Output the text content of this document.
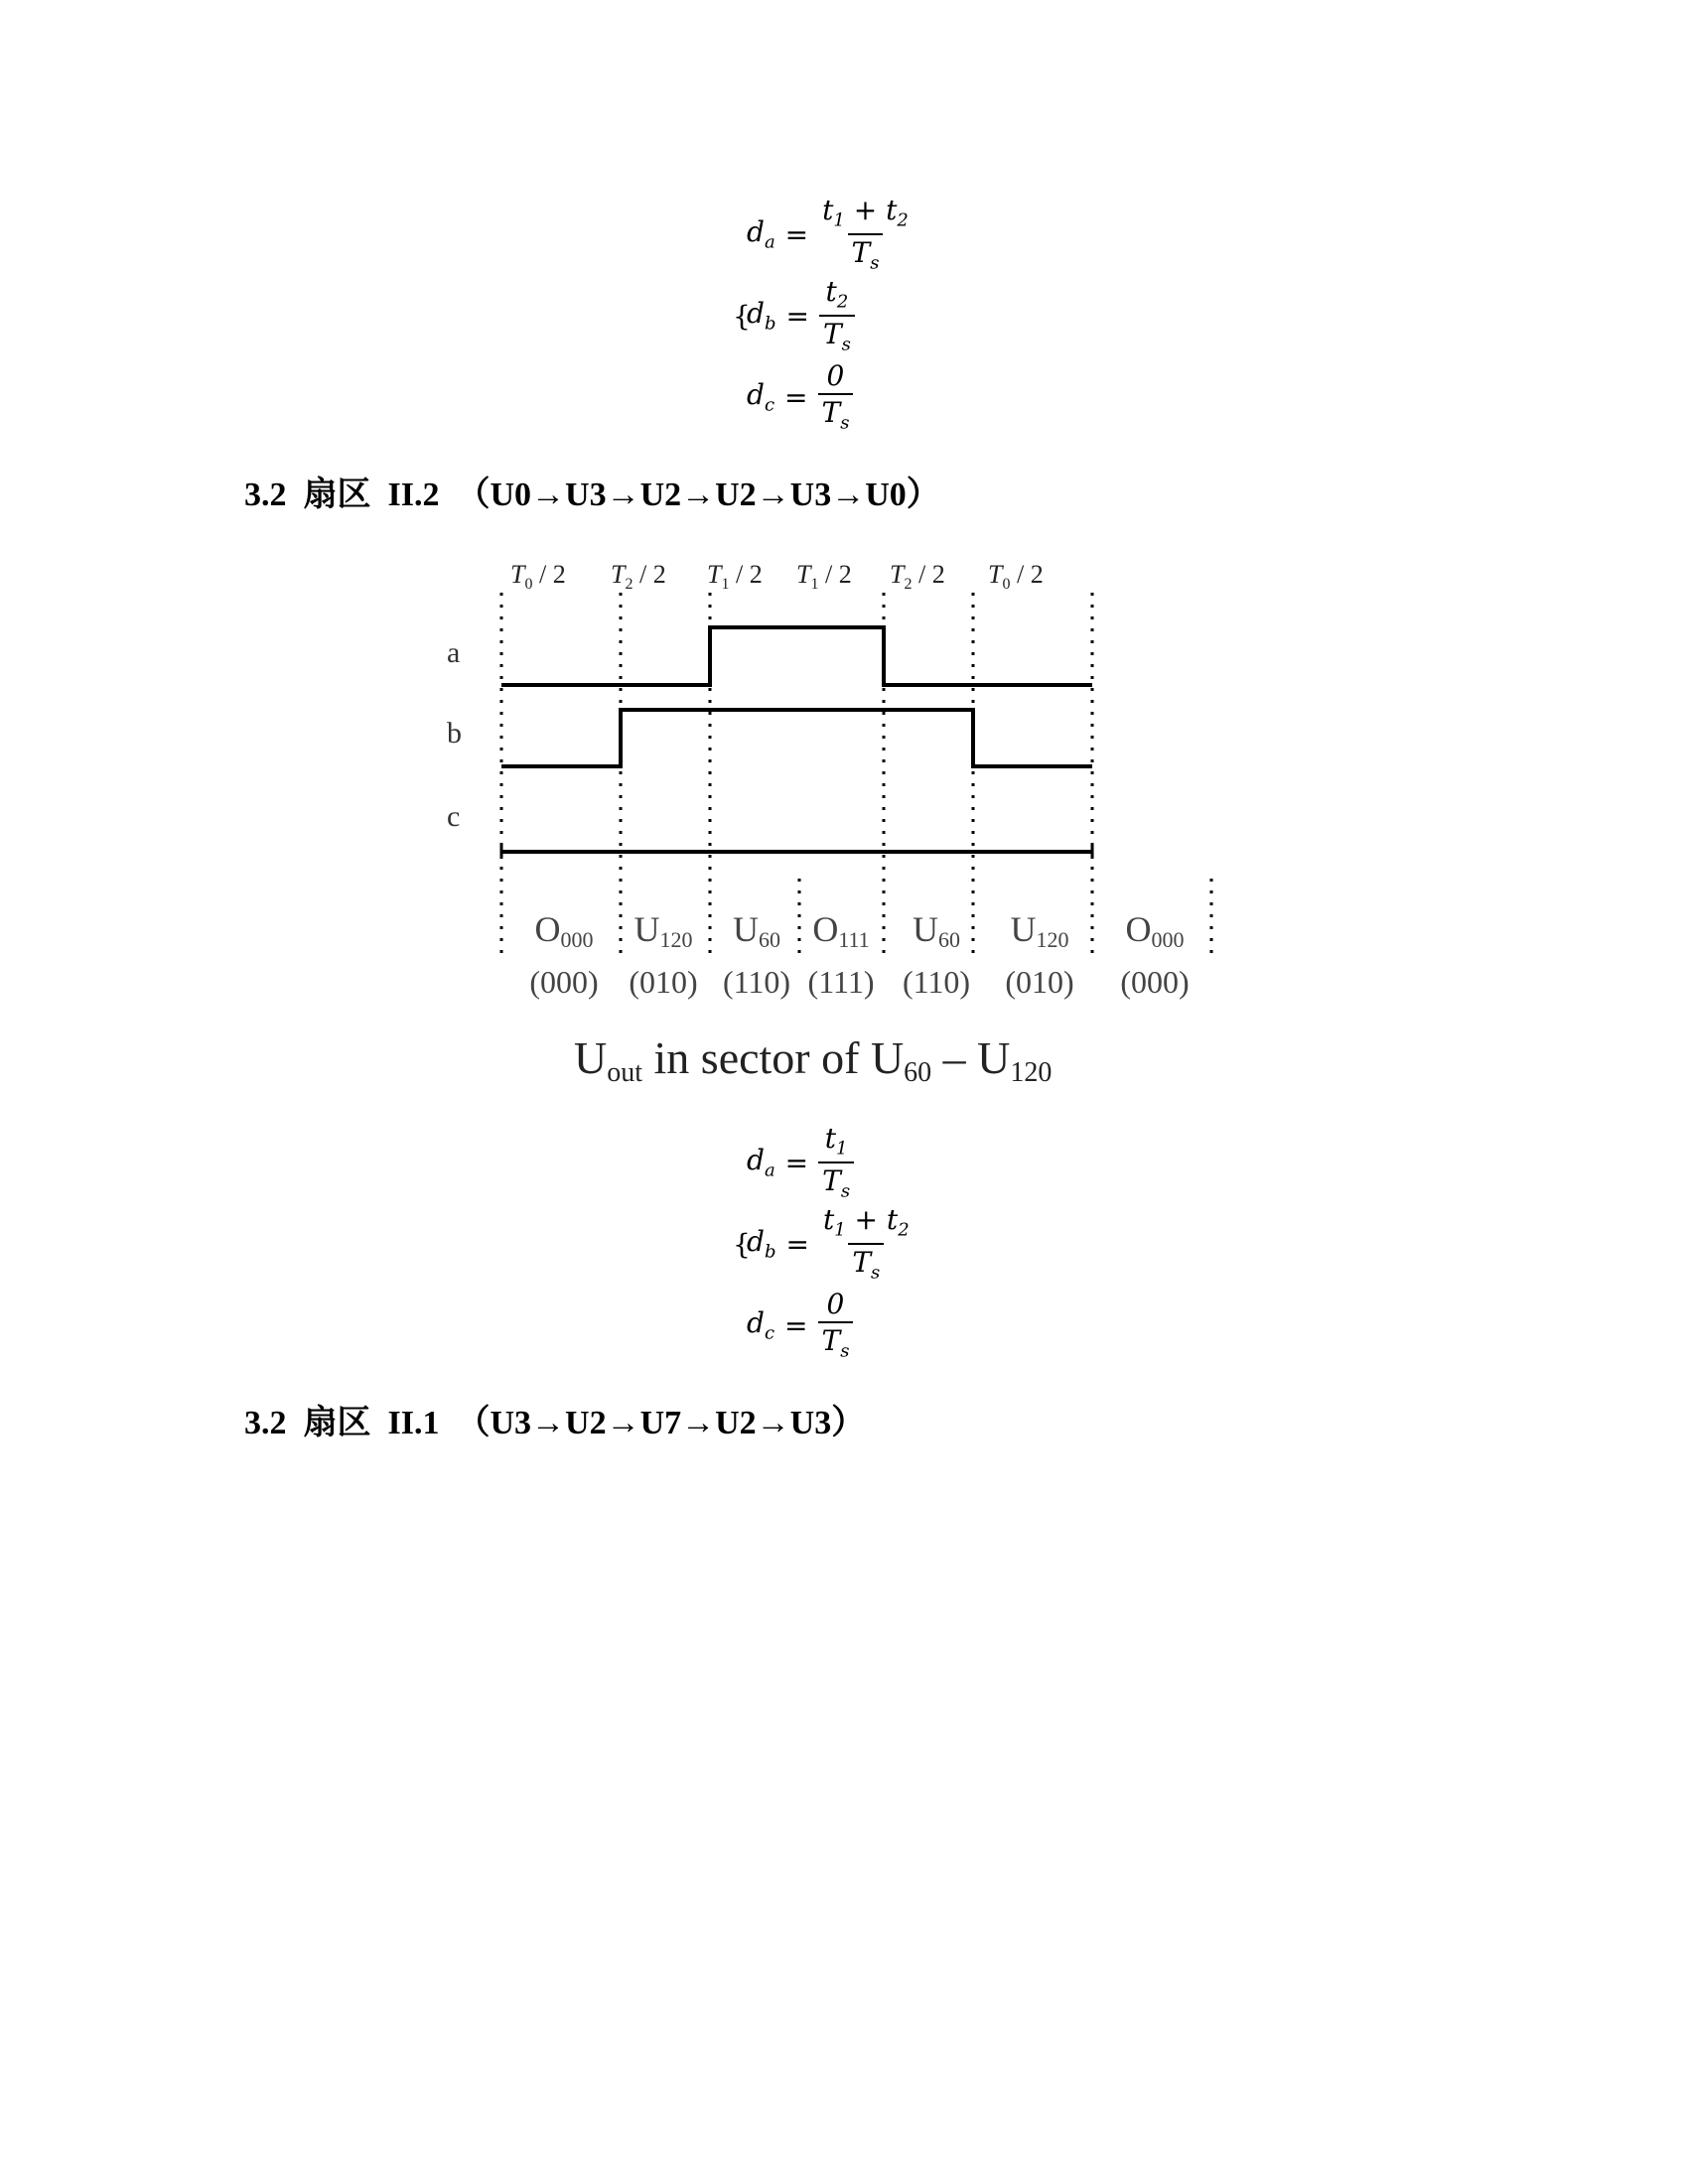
$d_a = \frac{t_1 + t_2}{T_s}$
{
$d_b = \frac{t_2}{T_s}$
$d_c = \frac{0}{T_s}$
3.2 扇区 II.2 （U0→U3→U2→U2→U3→U0）
$T_0 / 2$ $T_2 / 2$ $T_1 / 2$ $T_1 / 2$ $T_2 / 2$ $T_0 / 2$
a
b
c
O000
(000)
U120
(010)
U60
(110)
O111
(111)
U60
(110)
U120
(010)
O000
(000)
Uout in sector of U60 – U120
$d_a = \frac{t_1}{T_s}$
{
$d_b = \frac{t_1 + t_2}{T_s}$
$d_c = \frac{0}{T_s}$
3.2 扇区 II.1 （U3→U2→U7→U2→U3）
